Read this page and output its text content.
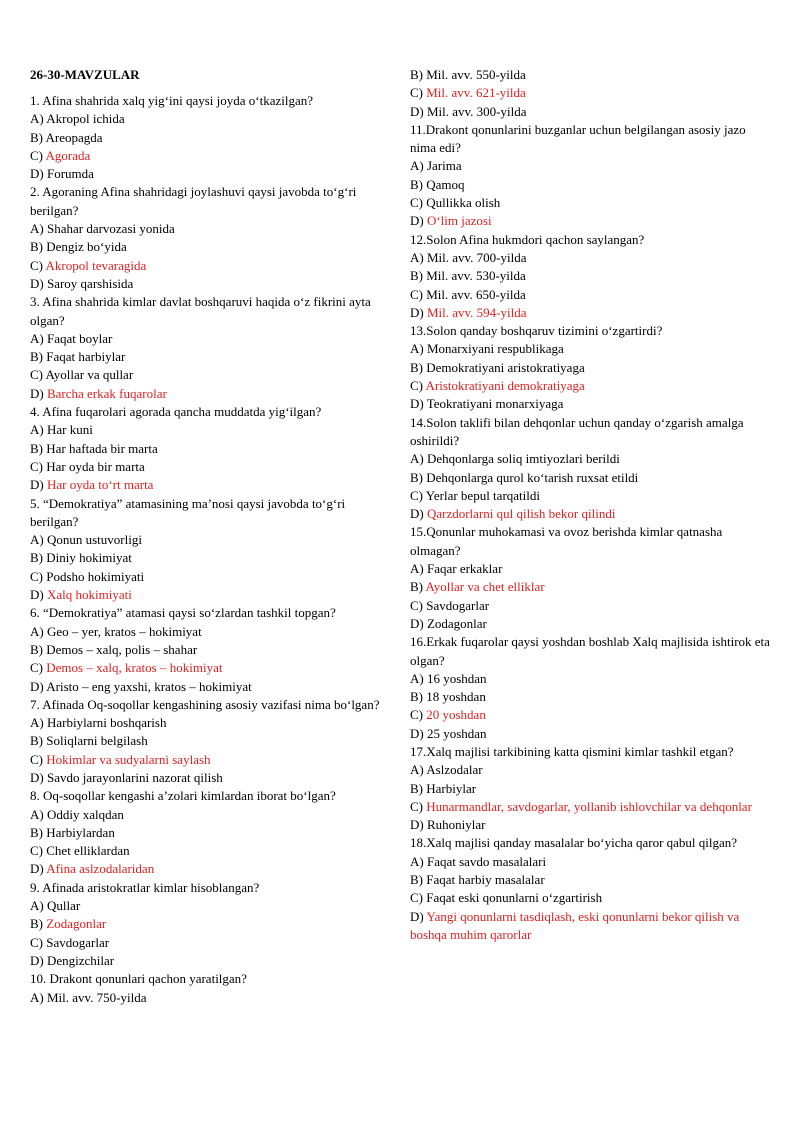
26-30-MAVZULAR
1. Afina shahrida xalq yig‘ini qaysi joyda o‘tkazilgan?
A) Akropol ichida
B) Areopagda
C) Agorada
D) Forumda
2. Agoraning Afina shahridagi joylashuvi qaysi javobda to‘g‘ri berilgan?
A) Shahar darvozasi yonida
B) Dengiz bo‘yida
C) Akropol tevaragida
D) Saroy qarshisida
3. Afina shahrida kimlar davlat boshqaruvi haqida o‘z fikrini ayta olgan?
A) Faqat boylar
B) Faqat harbiylar
C) Ayollar va qullar
D) Barcha erkak fuqarolar
4. Afina fuqarolari agorada qancha muddatda yig‘ilgan?
A) Har kuni
B) Har haftada bir marta
C) Har oyda bir marta
D) Har oyda to‘rt marta
5. “Demokratiya” atamasining ma’nosi qaysi javobda to‘g‘ri berilgan?
A) Qonun ustuvorligi
B) Diniy hokimiyat
C) Podsho hokimiyati
D) Xalq hokimiyati
6. “Demokratiya” atamasi qaysi so‘zlardan tashkil topgan?
A) Geo – yer, kratos – hokimiyat
B) Demos – xalq, polis – shahar
C) Demos – xalq, kratos – hokimiyat
D) Aristo – eng yaxshi, kratos – hokimiyat
7. Afinada Oq-soqollar kengashining asosiy vazifasi nima bo‘lgan?
A) Harbiylarni boshqarish
B) Soliqlarni belgilash
C) Hokimlar va sudyalarni saylash
D) Savdo jarayonlarini nazorat qilish
8. Oq-soqollar kengashi a’zolari kimlardan iborat bo‘lgan?
A) Oddiy xalqdan
B) Harbiylardan
C) Chet elliklardan
D) Afina aslzodalaridan
9. Afinada aristokratlar kimlar hisoblangan?
A) Qullar
B) Zodagonlar
C) Savdogarlar
D) Dengizchilar
10. Drakont qonunlari qachon yaratilgan?
A) Mil. avv. 750-yilda
B) Mil. avv. 550-yilda
C) Mil. avv. 621-yilda
D) Mil. avv. 300-yilda
11.Drakont qonunlarini buzganlar uchun belgilangan asosiy jazo nima edi?
A) Jarima
B) Qamoq
C) Qullikka olish
D) O‘lim jazosi
12.Solon Afina hukmdori qachon saylangan?
A) Mil. avv. 700-yilda
B) Mil. avv. 530-yilda
C) Mil. avv. 650-yilda
D) Mil. avv. 594-yilda
13.Solon qanday boshqaruv tizimini o‘zgartirdi?
A) Monarxiyani respublikaga
B) Demokratiyani aristokratiyaga
C) Aristokratiyani demokratiyaga
D) Teokratiyani monarxiyaga
14.Solon taklifi bilan dehqonlar uchun qanday o‘zgarish amalga oshirildi?
A) Dehqonlarga soliq imtiyozlari berildi
B) Dehqonlarga qurol ko‘tarish ruxsat etildi
C) Yerlar bepul tarqatildi
D) Qarzdorlarni qul qilish bekor qilindi
15.Qonunlar muhokamasi va ovoz berishda kimlar qatnasha olmagan?
A) Faqar erkaklar
B) Ayollar va chet elliklar
C) Savdogarlar
D) Zodagonlar
16.Erkak fuqarolar qaysi yoshdan boshlab Xalq majlisida ishtirok eta olgan?
A) 16 yoshdan
B) 18 yoshdan
C) 20 yoshdan
D) 25 yoshdan
17.Xalq majlisi tarkibining katta qismini kimlar tashkil etgan?
A) Aslzodalar
B) Harbiylar
C) Hunarmandlar, savdogarlar, yollanib ishlovchilar va dehqonlar
D) Ruhoniylar
18.Xalq majlisi qanday masalalar bo‘yicha qaror qabul qilgan?
A) Faqat savdo masalalari
B) Faqat harbiy masalalar
C) Faqat eski qonunlarni o‘zgartirish
D) Yangi qonunlarni tasdiqlash, eski qonunlarni bekor qilish va boshqa muhim qarorlar
